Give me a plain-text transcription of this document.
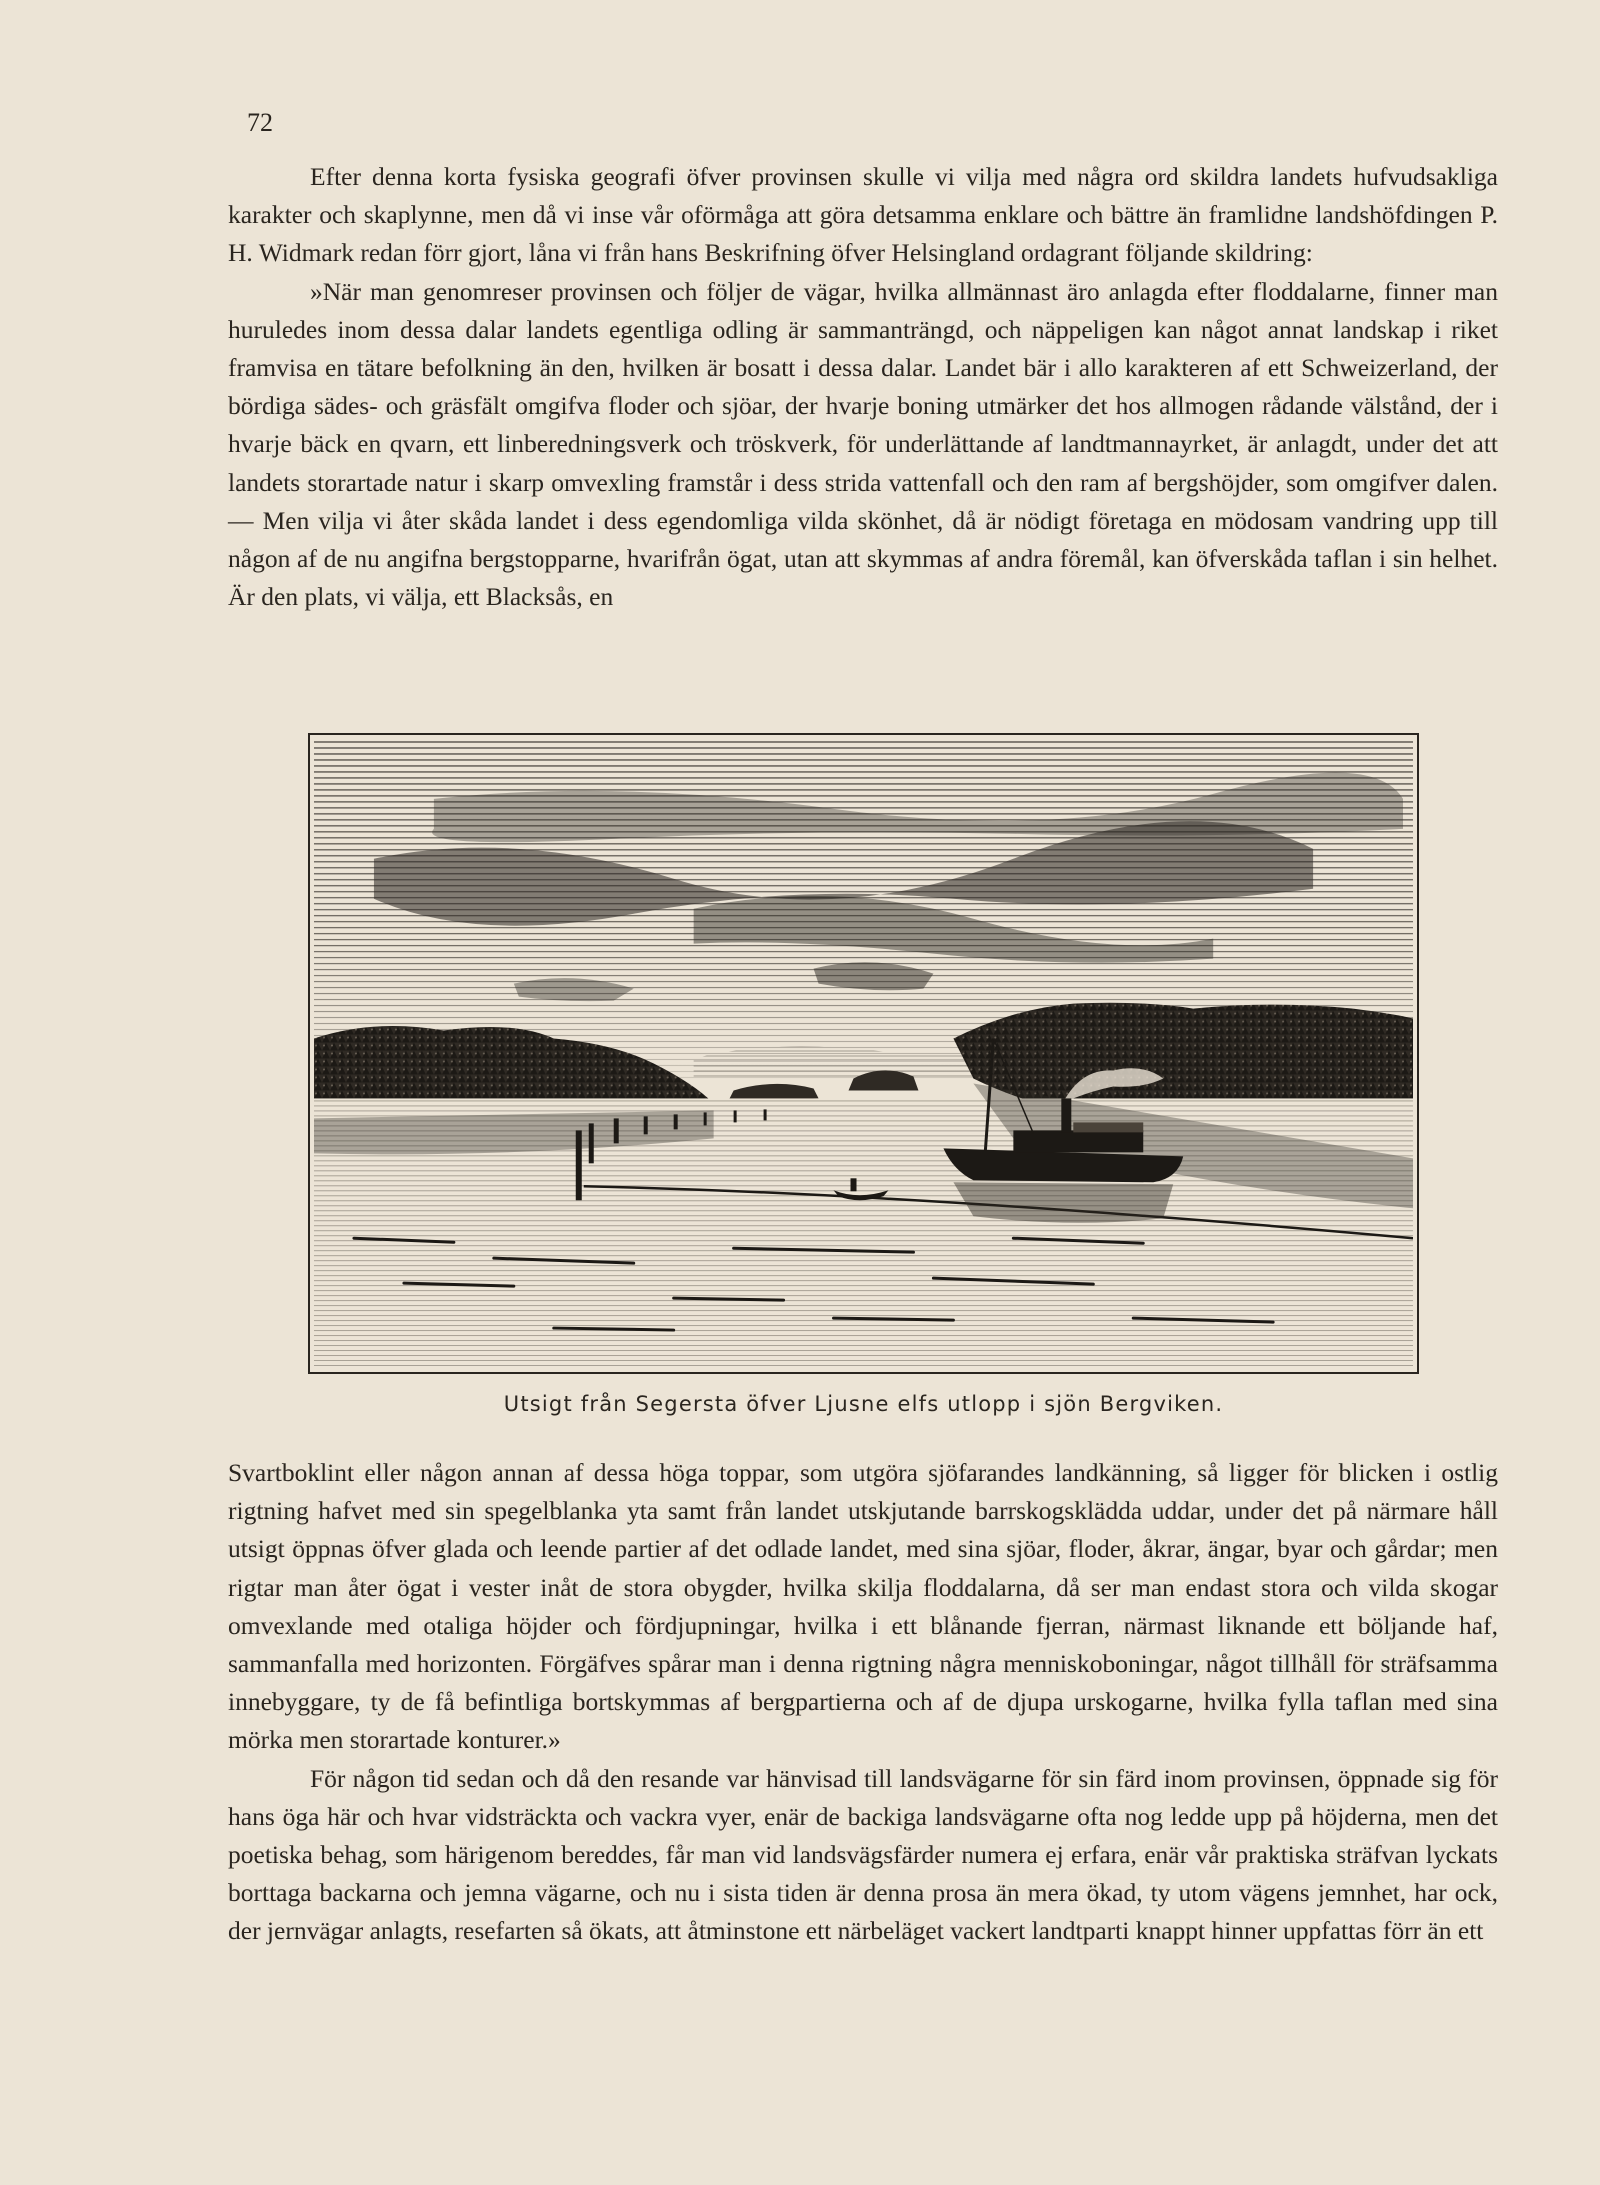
72

Efter denna korta fysiska geografi öfver provinsen skulle vi vilja med några ord skildra landets hufvudsakliga karakter och skaplynne, men då vi inse vår oförmåga att göra detsamma enklare och bättre än framlidne landshöfdingen P. H. Widmark redan förr gjort, låna vi från hans Beskrifning öfver Helsingland ordagrant följande skildring:

»När man genomreser provinsen och följer de vägar, hvilka allmännast äro anlagda efter floddalarne, finner man huruledes inom dessa dalar landets egentliga odling är sammanträngd, och näppeligen kan något annat landskap i riket framvisa en tätare befolkning än den, hvilken är bosatt i dessa dalar. Landet bär i allo karakteren af ett Schweizerland, der bördiga sädes- och gräsfält omgifva floder och sjöar, der hvarje boning utmärker det hos allmogen rådande välstånd, der i hvarje bäck en qvarn, ett linberedningsverk och tröskverk, för underlättande af landtmannayrket, är anlagdt, under det att landets storartade natur i skarp omvexling framstår i dess strida vattenfall och den ram af bergshöjder, som omgifver dalen. — Men vilja vi åter skåda landet i dess egendomliga vilda skönhet, då är nödigt företaga en mödosam vandring upp till någon af de nu angifna bergstopparne, hvarifrån ögat, utan att skymmas af andra föremål, kan öfverskåda taflan i sin helhet. Är den plats, vi välja, ett Blacksås, en

Utsigt från Segersta öfver Ljusne elfs utlopp i sjön Bergviken.

Svartboklint eller någon annan af dessa höga toppar, som utgöra sjöfarandes landkänning, så ligger för blicken i ostlig rigtning hafvet med sin spegelblanka yta samt från landet utskjutande barrskogsklädda uddar, under det på närmare håll utsigt öppnas öfver glada och leende partier af det odlade landet, med sina sjöar, floder, åkrar, ängar, byar och gårdar; men rigtar man åter ögat i vester inåt de stora obygder, hvilka skilja floddalarna, då ser man endast stora och vilda skogar omvexlande med otaliga höjder och fördjupningar, hvilka i ett blånande fjerran, närmast liknande ett böljande haf, sammanfalla med horizonten. Förgäfves spårar man i denna rigtning några menniskoboningar, något tillhåll för sträfsamma innebyggare, ty de få befintliga bortskymmas af bergpartierna och af de djupa urskogarne, hvilka fylla taflan med sina mörka men storartade konturer.»

För någon tid sedan och då den resande var hänvisad till landsvägarne för sin färd inom provinsen, öppnade sig för hans öga här och hvar vidsträckta och vackra vyer, enär de backiga landsvägarne ofta nog ledde upp på höjderna, men det poetiska behag, som härigenom bereddes, får man vid landsvägsfärder numera ej erfara, enär vår praktiska sträfvan lyckats borttaga backarna och jemna vägarne, och nu i sista tiden är denna prosa än mera ökad, ty utom vägens jemnhet, har ock, der jernvägar anlagts, resefarten så ökats, att åtminstone ett närbeläget vackert landtparti knappt hinner uppfattas förr än ett
